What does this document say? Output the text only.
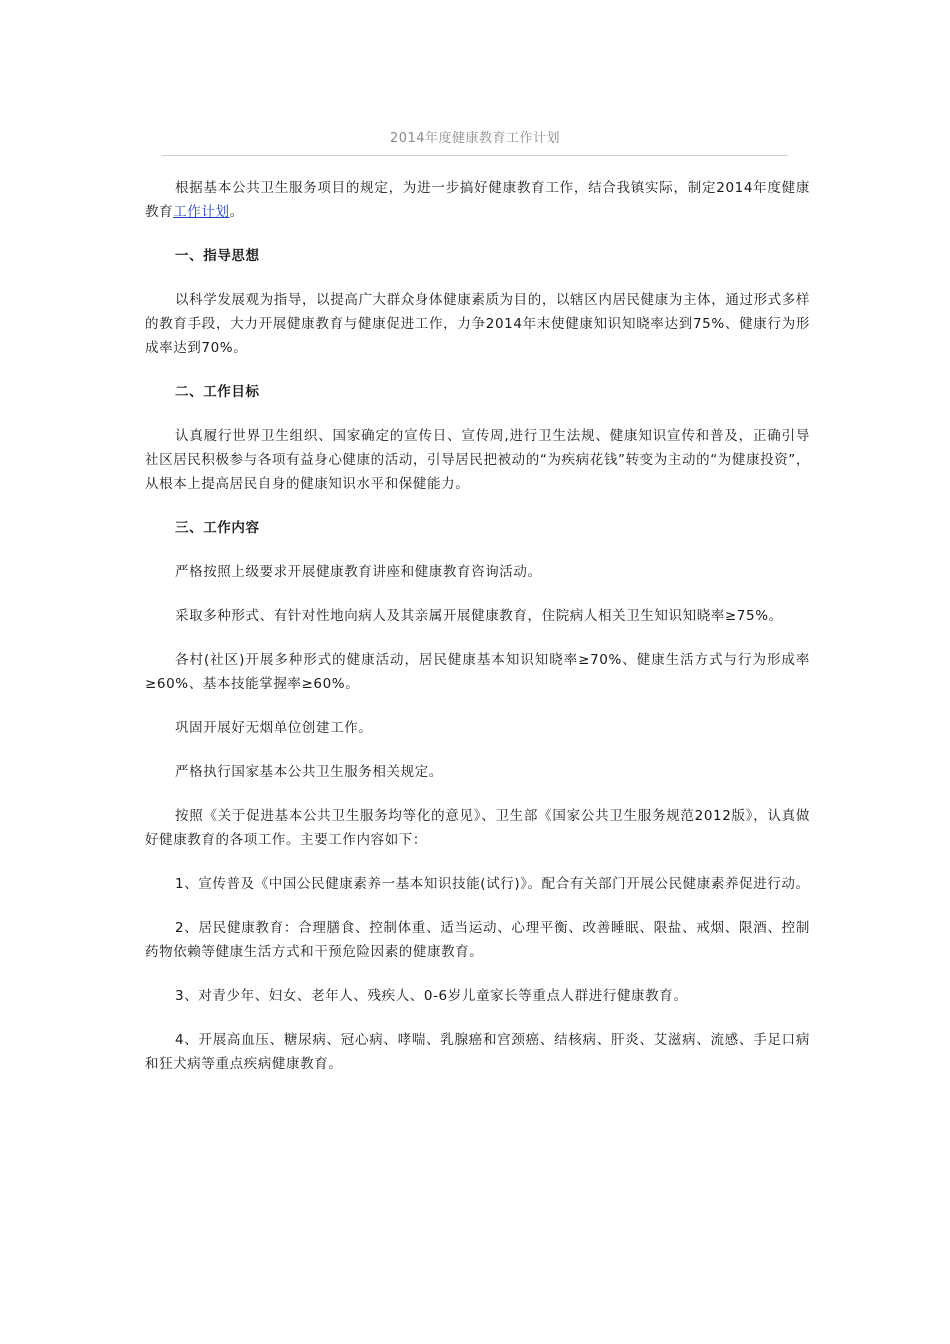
2014年度健康教育工作计划

根据基本公共卫生服务项目的规定，为进一步搞好健康教育工作，结合我镇实际，制定2014年度健康教育工作计划。

一、指导思想

以科学发展观为指导，以提高广大群众身体健康素质为目的，以辖区内居民健康为主体，通过形式多样的教育手段，大力开展健康教育与健康促进工作，力争2014年末使健康知识知晓率达到75%、健康行为形成率达到70%。

二、工作目标

认真履行世界卫生组织、国家确定的宣传日、宣传周,进行卫生法规、健康知识宣传和普及，正确引导社区居民积极参与各项有益身心健康的活动，引导居民把被动的“为疾病花钱”转变为主动的“为健康投资”，从根本上提高居民自身的健康知识水平和保健能力。

三、工作内容

严格按照上级要求开展健康教育讲座和健康教育咨询活动。

采取多种形式、有针对性地向病人及其亲属开展健康教育，住院病人相关卫生知识知晓率≥75%。

各村(社区)开展多种形式的健康活动，居民健康基本知识知晓率≥70%、健康生活方式与行为形成率≥60%、基本技能掌握率≥60%。

巩固开展好无烟单位创建工作。

严格执行国家基本公共卫生服务相关规定。

按照《关于促进基本公共卫生服务均等化的意见》、卫生部《国家公共卫生服务规范2012版》，认真做好健康教育的各项工作。主要工作内容如下：

1、宣传普及《中国公民健康素养一基本知识技能(试行)》。配合有关部门开展公民健康素养促进行动。

2、居民健康教育：合理膳食、控制体重、适当运动、心理平衡、改善睡眠、限盐、戒烟、限酒、控制药物依赖等健康生活方式和干预危险因素的健康教育。

3、对青少年、妇女、老年人、残疾人、0-6岁儿童家长等重点人群进行健康教育。

4、开展高血压、糖尿病、冠心病、哮喘、乳腺癌和宫颈癌、结核病、肝炎、艾滋病、流感、手足口病和狂犬病等重点疾病健康教育。
